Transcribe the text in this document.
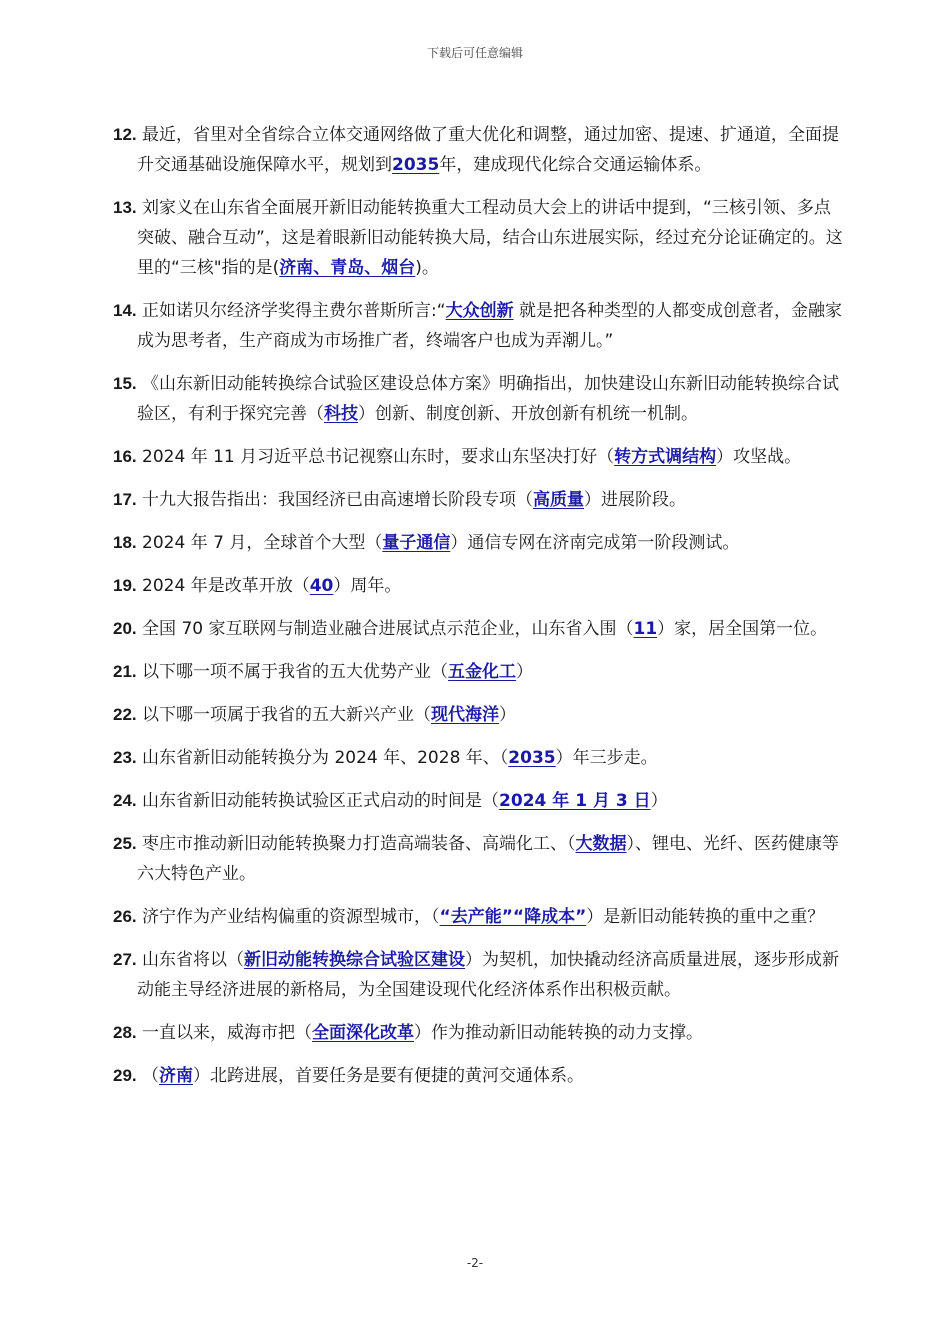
下载后可任意编辑
12. 最近，省里对全省综合立体交通网络做了重大优化和调整，通过加密、提速、扩通道，全面提升交通基础设施保障水平，规划到2035年，建成现代化综合交通运输体系。
13. 刘家义在山东省全面展开新旧动能转换重大工程动员大会上的讲话中提到，“三核引领、多点突破、融合互动”，这是着眼新旧动能转换大局，结合山东进展实际，经过充分论证确定的。这里的“三核"指的是(济南、青岛、烟台)。
14. 正如诺贝尔经济学奖得主费尔普斯所言:“大众创新 就是把各种类型的人都变成创意者，金融家成为思考者，生产商成为市场推广者，终端客户也成为弄潮儿。”
15. 《山东新旧动能转换综合试验区建设总体方案》明确指出，加快建设山东新旧动能转换综合试验区，有利于探究完善（科技）创新、制度创新、开放创新有机统一机制。
16. 2024 年 11 月习近平总书记视察山东时，要求山东坚决打好（转方式调结构）攻坚战。
17. 十九大报告指出：我国经济已由高速增长阶段专项（高质量）进展阶段。
18. 2024 年 7 月，全球首个大型（量子通信）通信专网在济南完成第一阶段测试。
19. 2024 年是改革开放（40）周年。
20. 全国 70 家互联网与制造业融合进展试点示范企业，山东省入围（11）家，居全国第一位。
21. 以下哪一项不属于我省的五大优势产业（五金化工）
22. 以下哪一项属于我省的五大新兴产业（现代海洋）
23. 山东省新旧动能转换分为 2024 年、2028 年、（2035）年三步走。
24. 山东省新旧动能转换试验区正式启动的时间是（2024 年 1 月 3 日）
25. 枣庄市推动新旧动能转换聚力打造高端装备、高端化工、（大数据）、锂电、光纤、医药健康等六大特色产业。
26. 济宁作为产业结构偏重的资源型城市，（“去产能”“降成本”）是新旧动能转换的重中之重？
27. 山东省将以（新旧动能转换综合试验区建设）为契机，加快撬动经济高质量进展，逐步形成新动能主导经济进展的新格局，为全国建设现代化经济体系作出积极贡献。
28. 一直以来，威海市把（全面深化改革）作为推动新旧动能转换的动力支撑。
29. （济南）北跨进展，首要任务是要有便捷的黄河交通体系。
-2-
